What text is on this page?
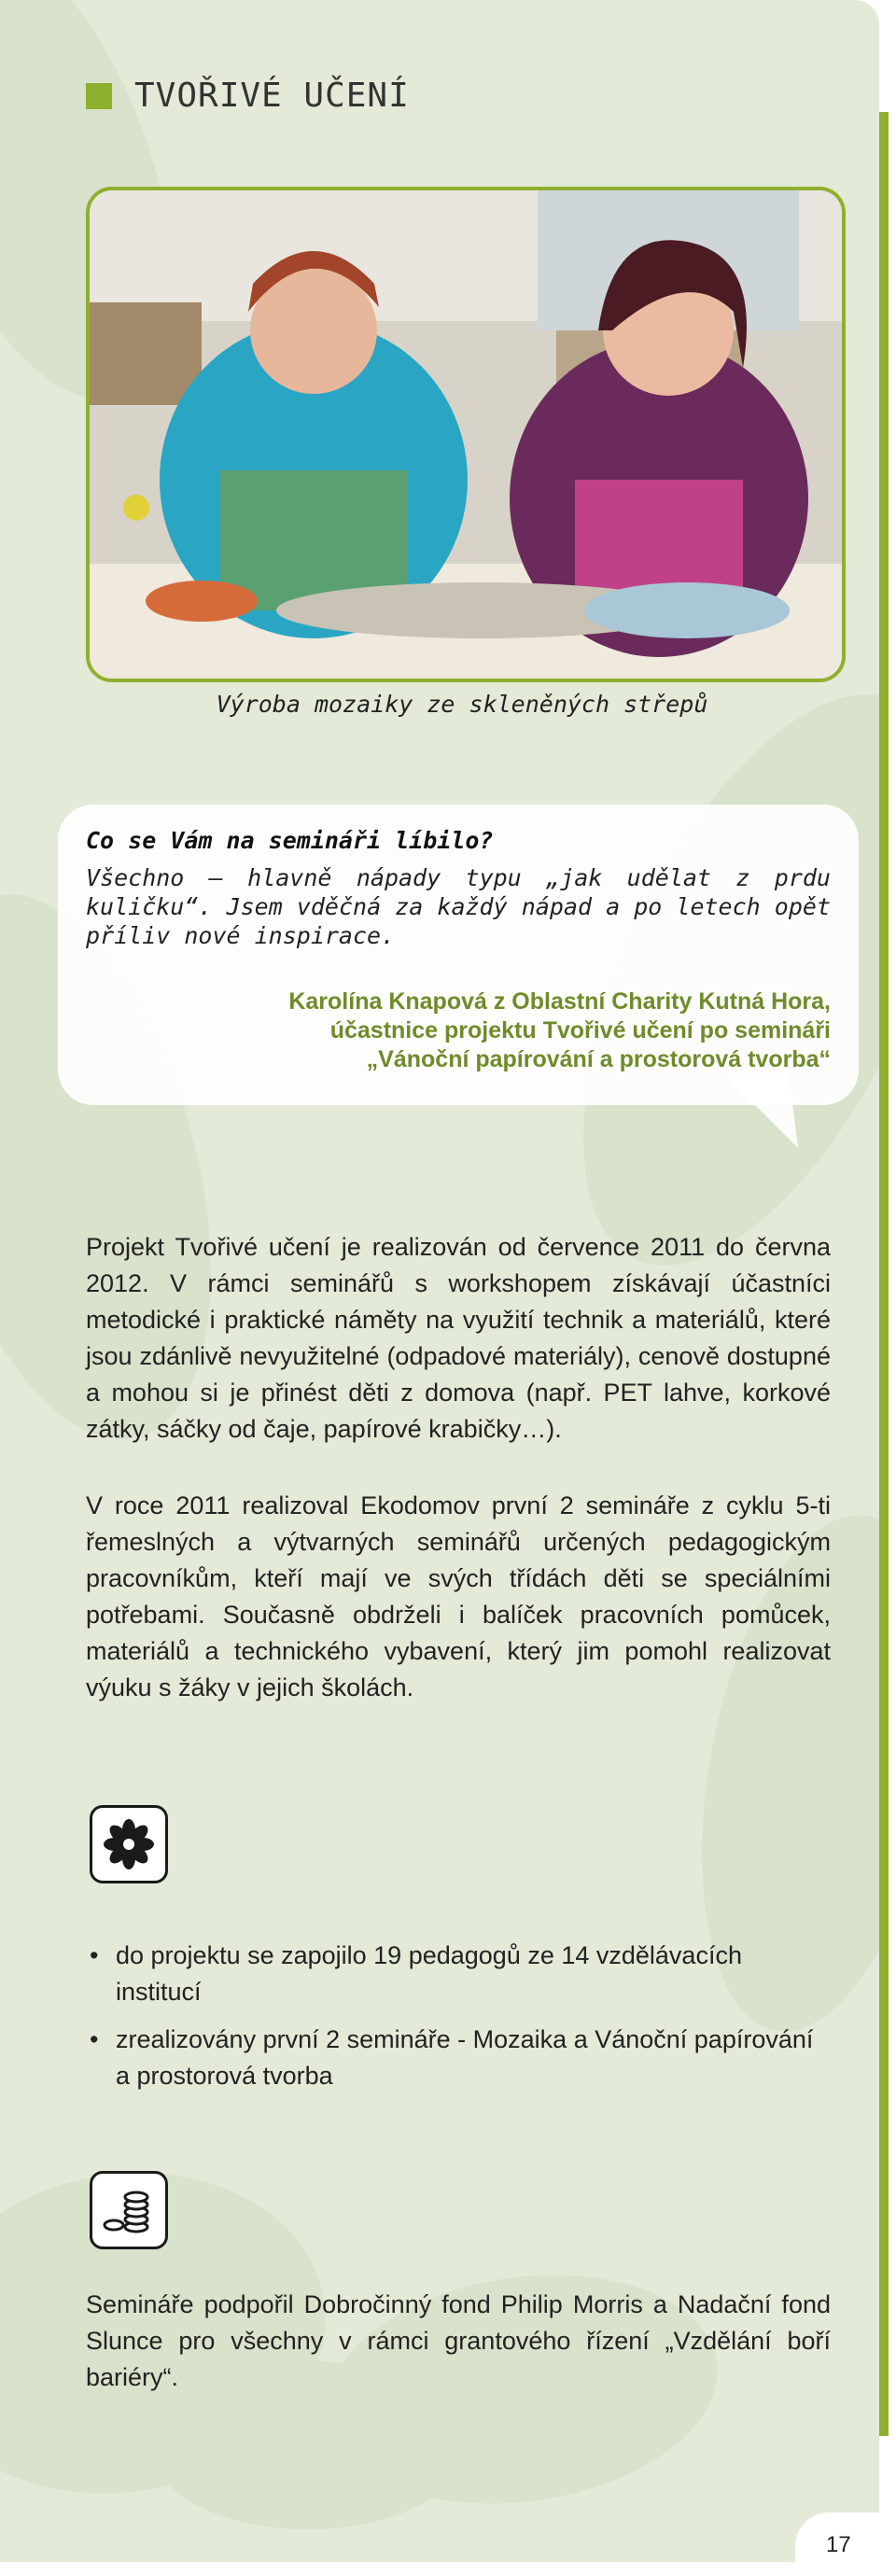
TVOŘIVÉ UČENÍ
Výroba mozaiky ze skleněných střepů
Co se Vám na semináři líbilo?
Všechno – hlavně nápady typu „jak udělat z prdu kuličku“. Jsem vděčná za každý nápad a po letech opět příliv nové inspirace.
Karolína Knapová z Oblastní Charity Kutná Hora,
účastnice projektu Tvořivé učení po semináři
„Vánoční papírování a prostorová tvorba“
Projekt Tvořivé učení je realizován od července 2011 do června 2012. V rámci seminářů s workshopem získávají účastníci metodické i praktické náměty na využití technik a materiálů, které jsou zdánlivě nevyužitelné (odpadové materiály), cenově dostupné a mohou si je přinést děti z domova (např. PET lahve, korkové zátky, sáčky od čaje, papírové krabičky…).
V roce 2011 realizoval Ekodomov první 2 semináře z cyklu 5-ti řemeslných a výtvarných seminářů určených pedagogickým pracovníkům, kteří mají ve svých třídách děti se speciálními potřebami. Současně obdrželi i balíček pracovních pomůcek, materiálů a technického vybavení, který jim pomohl realizovat výuku s žáky v jejich školách.
• do projektu se zapojilo 19 pedagogů ze 14 vzdělávacích institucí
• zrealizovány první 2 semináře - Mozaika a Vánoční papírování a prostorová tvorba
Semináře podpořil Dobročinný fond Philip Morris a Nadační fond Slunce pro všechny v rámci grantového řízení „Vzdělání boří bariéry“.
17
